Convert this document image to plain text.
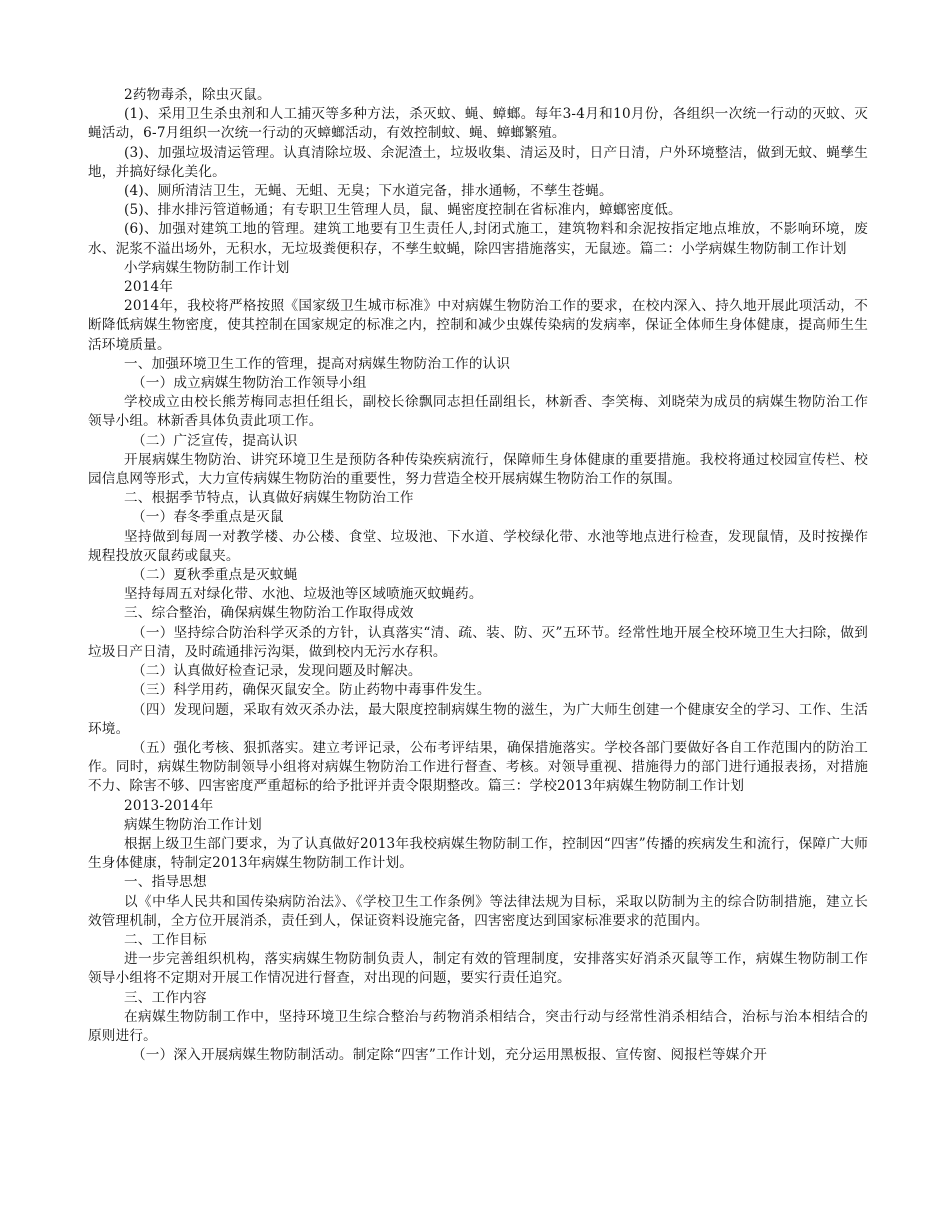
2药物毒杀，除虫灭鼠。

(1)、采用卫生杀虫剂和人工捕灭等多种方法，杀灭蚊、蝇、蟑螂。每年3-4月和10月份，各组织一次统一行动的灭蚊、灭蝇活动，6-7月组织一次统一行动的灭蟑螂活动，有效控制蚊、蝇、蟑螂繁殖。

(3)、加强垃圾清运管理。认真清除垃圾、余泥渣土，垃圾收集、清运及时，日产日清，户外环境整洁，做到无蚊、蝇孳生地，并搞好绿化美化。

(4)、厕所清洁卫生，无蝇、无蛆、无臭；下水道完备，排水通畅，不孳生苍蝇。

(5)、排水排污管道畅通；有专职卫生管理人员，鼠、蝇密度控制在省标准内，蟑螂密度低。

(6)、加强对建筑工地的管理。建筑工地要有卫生责任人,封闭式施工，建筑物料和余泥按指定地点堆放，不影响环境，废水、泥浆不溢出场外，无积水，无垃圾粪便积存，不孳生蚊蝇，除四害措施落实，无鼠迹。篇二：小学病媒生物防制工作计划

小学病媒生物防制工作计划

2014年

2014年，我校将严格按照《国家级卫生城市标准》中对病媒生物防治工作的要求，在校内深入、持久地开展此项活动，不断降低病媒生物密度，使其控制在国家规定的标准之内，控制和减少虫媒传染病的发病率，保证全体师生身体健康，提高师生生活环境质量。

一、加强环境卫生工作的管理，提高对病媒生物防治工作的认识

（一）成立病媒生物防治工作领导小组

学校成立由校长熊芳梅同志担任组长，副校长徐飘同志担任副组长，林新香、李笑梅、刘晓荣为成员的病媒生物防治工作领导小组。林新香具体负责此项工作。

（二）广泛宣传，提高认识

开展病媒生物防治、讲究环境卫生是预防各种传染疾病流行，保障师生身体健康的重要措施。我校将通过校园宣传栏、校园信息网等形式，大力宣传病媒生物防治的重要性，努力营造全校开展病媒生物防治工作的氛围。

二、根据季节特点，认真做好病媒生物防治工作

（一）春冬季重点是灭鼠

坚持做到每周一对教学楼、办公楼、食堂、垃圾池、下水道、学校绿化带、水池等地点进行检查，发现鼠情，及时按操作规程投放灭鼠药或鼠夹。

（二）夏秋季重点是灭蚊蝇

坚持每周五对绿化带、水池、垃圾池等区域喷施灭蚊蝇药。

三、综合整治，确保病媒生物防治工作取得成效

（一）坚持综合防治科学灭杀的方针，认真落实“清、疏、装、防、灭”五环节。经常性地开展全校环境卫生大扫除，做到垃圾日产日清，及时疏通排污沟渠，做到校内无污水存积。

（二）认真做好检查记录，发现问题及时解决。

（三）科学用药，确保灭鼠安全。防止药物中毒事件发生。

（四）发现问题，采取有效灭杀办法，最大限度控制病媒生物的滋生，为广大师生创建一个健康安全的学习、工作、生活环境。

（五）强化考核、狠抓落实。建立考评记录，公布考评结果，确保措施落实。学校各部门要做好各自工作范围内的防治工作。同时，病媒生物防制领导小组将对病媒生物防治工作进行督查、考核。对领导重视、措施得力的部门进行通报表扬，对措施不力、除害不够、四害密度严重超标的给予批评并责令限期整改。篇三：学校2013年病媒生物防制工作计划

2013-2014年

病媒生物防治工作计划

根据上级卫生部门要求，为了认真做好2013年我校病媒生物防制工作，控制因“四害”传播的疾病发生和流行，保障广大师生身体健康，特制定2013年病媒生物防制工作计划。

一、指导思想

以《中华人民共和国传染病防治法》、《学校卫生工作条例》等法律法规为目标，采取以防制为主的综合防制措施，建立长效管理机制，全方位开展消杀，责任到人，保证资料设施完备，四害密度达到国家标准要求的范围内。

二、工作目标

进一步完善组织机构，落实病媒生物防制负责人，制定有效的管理制度，安排落实好消杀灭鼠等工作，病媒生物防制工作领导小组将不定期对开展工作情况进行督查，对出现的问题，要实行责任追究。

三、工作内容

在病媒生物防制工作中，坚持环境卫生综合整治与药物消杀相结合，突击行动与经常性消杀相结合，治标与治本相结合的原则进行。

（一）深入开展病媒生物防制活动。制定除“四害”工作计划，充分运用黑板报、宣传窗、阅报栏等媒介开
